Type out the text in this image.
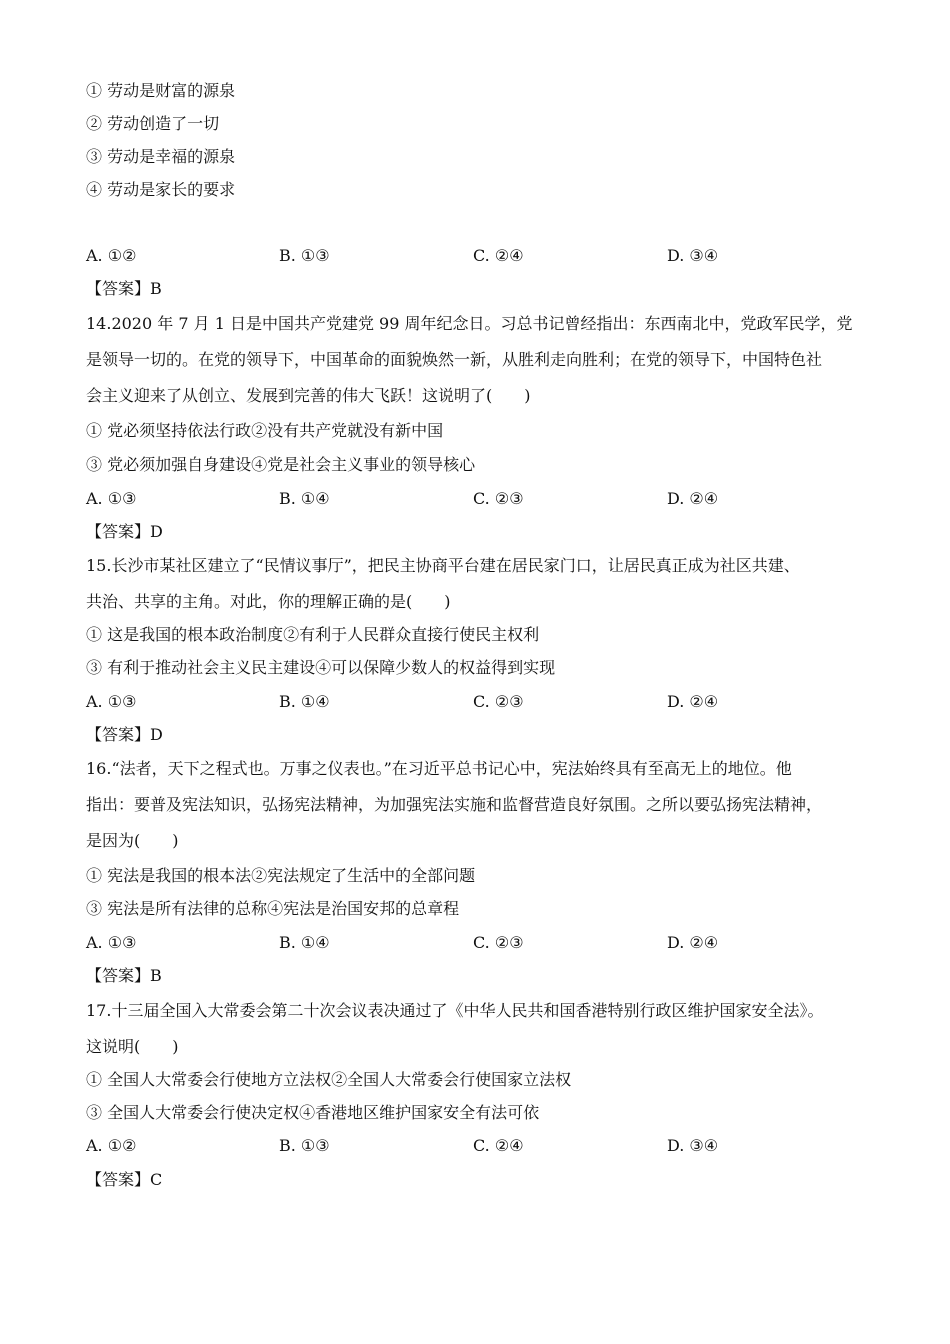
① 劳动是财富的源泉
② 劳动创造了一切
③ 劳动是幸福的源泉
④ 劳动是家长的要求
A. ①②	B. ①③	C. ②④	D. ③④
【答案】B
14.2020 年 7 月 1 日是中国共产党建党 99 周年纪念日。习总书记曾经指出：东西南北中，党政军民学，党
是领导一切的。在党的领导下，中国革命的面貌焕然一新，从胜利走向胜利；在党的领导下，中国特色社
会主义迎来了从创立、发展到完善的伟大飞跃！这说明了(　　)
① 党必须坚持依法行政②没有共产党就没有新中国
③ 党必须加强自身建设④党是社会主义事业的领导核心
A. ①③	B. ①④	C. ②③	D. ②④
【答案】D
15.长沙市某社区建立了“民情议事厅”，把民主协商平台建在居民家门口，让居民真正成为社区共建、
共治、共享的主角。对此，你的理解正确的是(　　)
① 这是我国的根本政治制度②有利于人民群众直接行使民主权利
③ 有利于推动社会主义民主建设④可以保障少数人的权益得到实现
A. ①③	B. ①④	C. ②③	D. ②④
【答案】D
16.“法者，天下之程式也。万事之仪表也。”在习近平总书记心中，宪法始终具有至高无上的地位。他
指出：要普及宪法知识，弘扬宪法精神，为加强宪法实施和监督营造良好氛围。之所以要弘扬宪法精神，
是因为(　　)
① 宪法是我国的根本法②宪法规定了生活中的全部问题
③ 宪法是所有法律的总称④宪法是治国安邦的总章程
A. ①③	B. ①④	C. ②③	D. ②④
【答案】B
17.十三届全国入大常委会第二十次会议表决通过了《中华人民共和国香港特别行政区维护国家安全法》。
这说明(　　)
① 全国人大常委会行使地方立法权②全国人大常委会行使国家立法权
③ 全国人大常委会行使决定权④香港地区维护国家安全有法可依
A. ①②	B. ①③	C. ②④	D. ③④
【答案】C
